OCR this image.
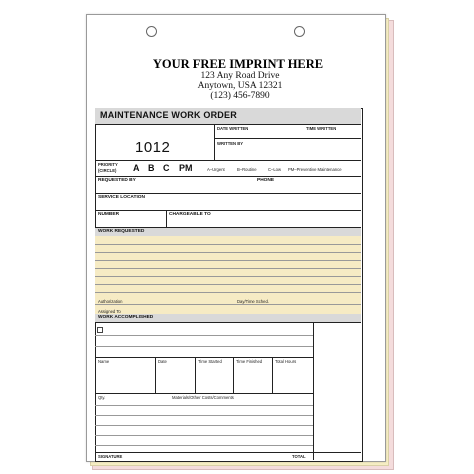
YOUR FREE IMPRINT HERE
123 Any Road Drive
Anytown, USA 12321
(123) 456-7890
MAINTENANCE WORK ORDER
DATE WRITTEN	TIME WRITTEN
WRITTEN BY
1012
PRIORITY
(CIRCLE) A B C PM	A–Urgent	B–Routine	C–Low PM–Preventive Maintenance
REQUESTED BY	PHONE
SERVICE LOCATION
NUMBER	CHARGEABLE TO
WORK REQUESTED
Authorization	Day/Time Sched.
Assigned To
WORK ACCOMPLISHED
Name	Date	Time Started	Time Finished	Total Hours
Qty.	Materials/Other Costs/Comments
SIGNATURE	TOTAL
